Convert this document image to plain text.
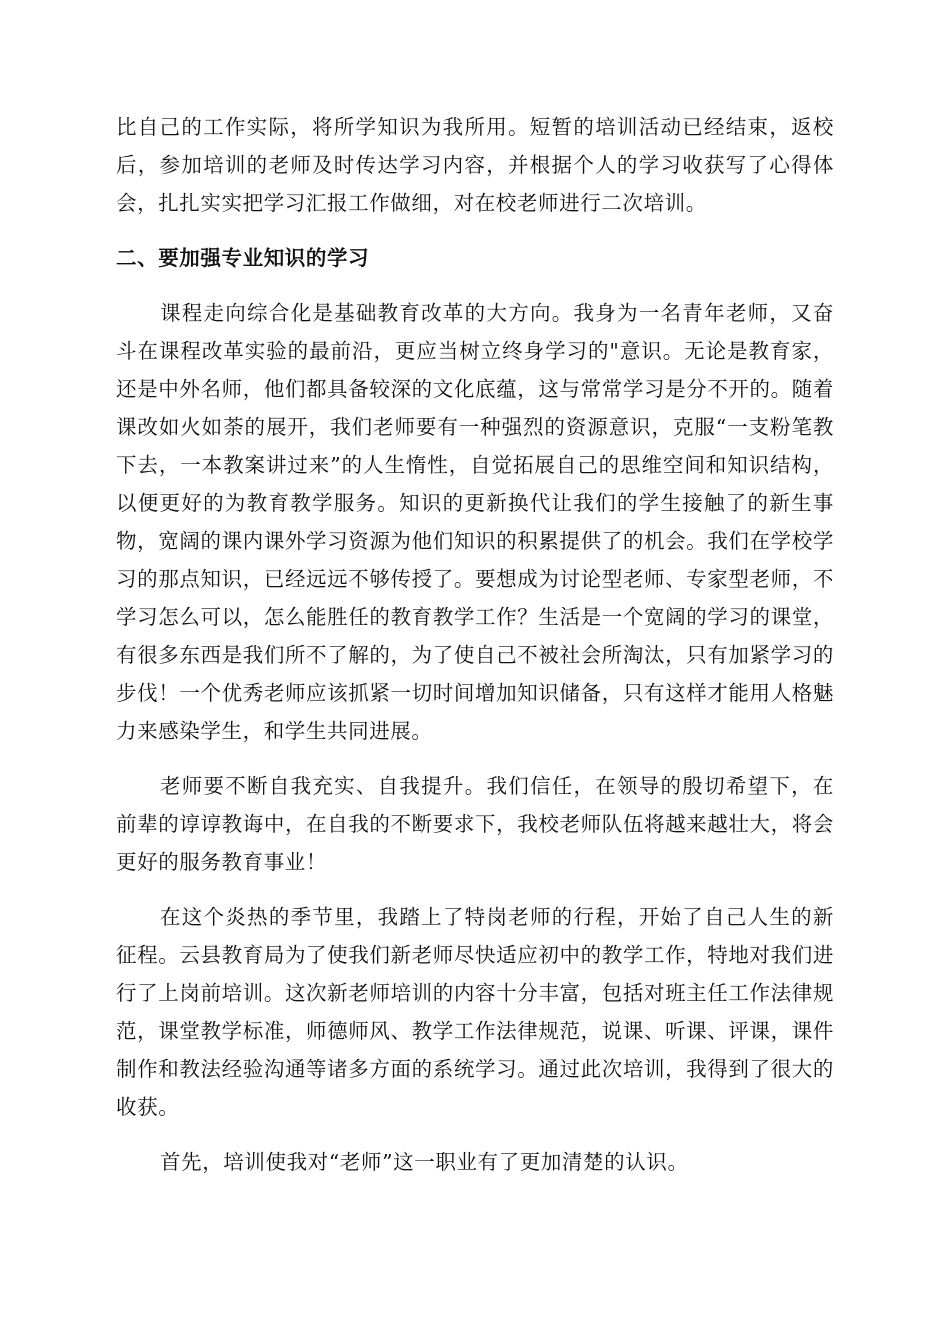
比自己的工作实际，将所学知识为我所用。短暂的培训活动已经结束，返校后，参加培训的老师及时传达学习内容，并根据个人的学习收获写了心得体会，扎扎实实把学习汇报工作做细，对在校老师进行二次培训。

二、要加强专业知识的学习

课程走向综合化是基础教育改革的大方向。我身为一名青年老师，又奋斗在课程改革实验的最前沿，更应当树立终身学习的"意识。无论是教育家，还是中外名师，他们都具备较深的文化底蕴，这与常常学习是分不开的。随着课改如火如荼的展开，我们老师要有一种强烈的资源意识，克服“一支粉笔教下去，一本教案讲过来”的人生惰性，自觉拓展自己的思维空间和知识结构，以便更好的为教育教学服务。知识的更新换代让我们的学生接触了的新生事物，宽阔的课内课外学习资源为他们知识的积累提供了的机会。我们在学校学习的那点知识，已经远远不够传授了。要想成为讨论型老师、专家型老师，不学习怎么可以，怎么能胜任的教育教学工作？生活是一个宽阔的学习的课堂，有很多东西是我们所不了解的，为了使自己不被社会所淘汰，只有加紧学习的步伐！一个优秀老师应该抓紧一切时间增加知识储备，只有这样才能用人格魅力来感染学生，和学生共同进展。

老师要不断自我充实、自我提升。我们信任，在领导的殷切希望下，在前辈的谆谆教诲中，在自我的不断要求下，我校老师队伍将越来越壮大，将会更好的服务教育事业！

在这个炎热的季节里，我踏上了特岗老师的行程，开始了自己人生的新征程。云县教育局为了使我们新老师尽快适应初中的教学工作，特地对我们进行了上岗前培训。这次新老师培训的内容十分丰富，包括对班主任工作法律规范，课堂教学标准，师德师风、教学工作法律规范，说课、听课、评课，课件制作和教法经验沟通等诸多方面的系统学习。通过此次培训，我得到了很大的收获。

首先，培训使我对“老师”这一职业有了更加清楚的认识。
